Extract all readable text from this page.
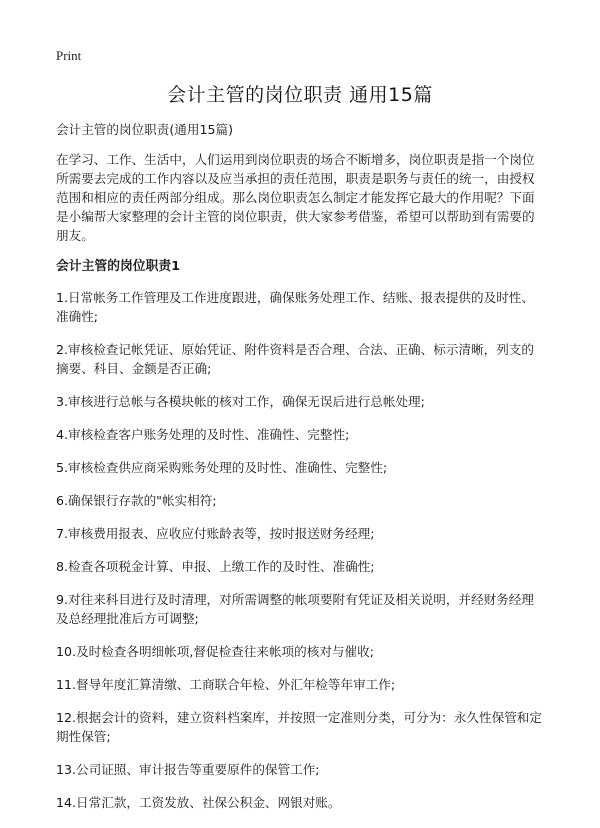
Print
会计主管的岗位职责 通用15篇

会计主管的岗位职责(通用15篇)

在学习、工作、生活中，人们运用到岗位职责的场合不断增多，岗位职责是指一个岗位所需要去完成的工作内容以及应当承担的责任范围，职责是职务与责任的统一，由授权范围和相应的责任两部分组成。那么岗位职责怎么制定才能发挥它最大的作用呢？下面是小编帮大家整理的会计主管的岗位职责，供大家参考借鉴，希望可以帮助到有需要的朋友。

会计主管的岗位职责1

1.日常帐务工作管理及工作进度跟进，确保账务处理工作、结账、报表提供的及时性、准确性;
2.审核检查记帐凭证、原始凭证、附件资料是否合理、合法、正确、标示清晰，列支的摘要、科目、金额是否正确;
3.审核进行总帐与各模块帐的核对工作，确保无误后进行总帐处理;
4.审核检查客户账务处理的及时性、准确性、完整性;
5.审核检查供应商采购账务处理的及时性、准确性、完整性;
6.确保银行存款的"帐实相符;
7.审核费用报表、应收应付账龄表等，按时报送财务经理;
8.检查各项税金计算、申报、上缴工作的及时性、准确性;
9.对往来科目进行及时清理，对所需调整的帐项要附有凭证及相关说明，并经财务经理及总经理批准后方可调整;
10.及时检查各明细帐项,督促检查往来帐项的核对与催收;
11.督导年度汇算清缴、工商联合年检、外汇年检等年审工作;
12.根据会计的资料，建立资料档案库，并按照一定准则分类，可分为：永久性保管和定期性保管;
13.公司证照、审计报告等重要原件的保管工作;
14.日常汇款，工资发放、社保公积金、网银对账。
